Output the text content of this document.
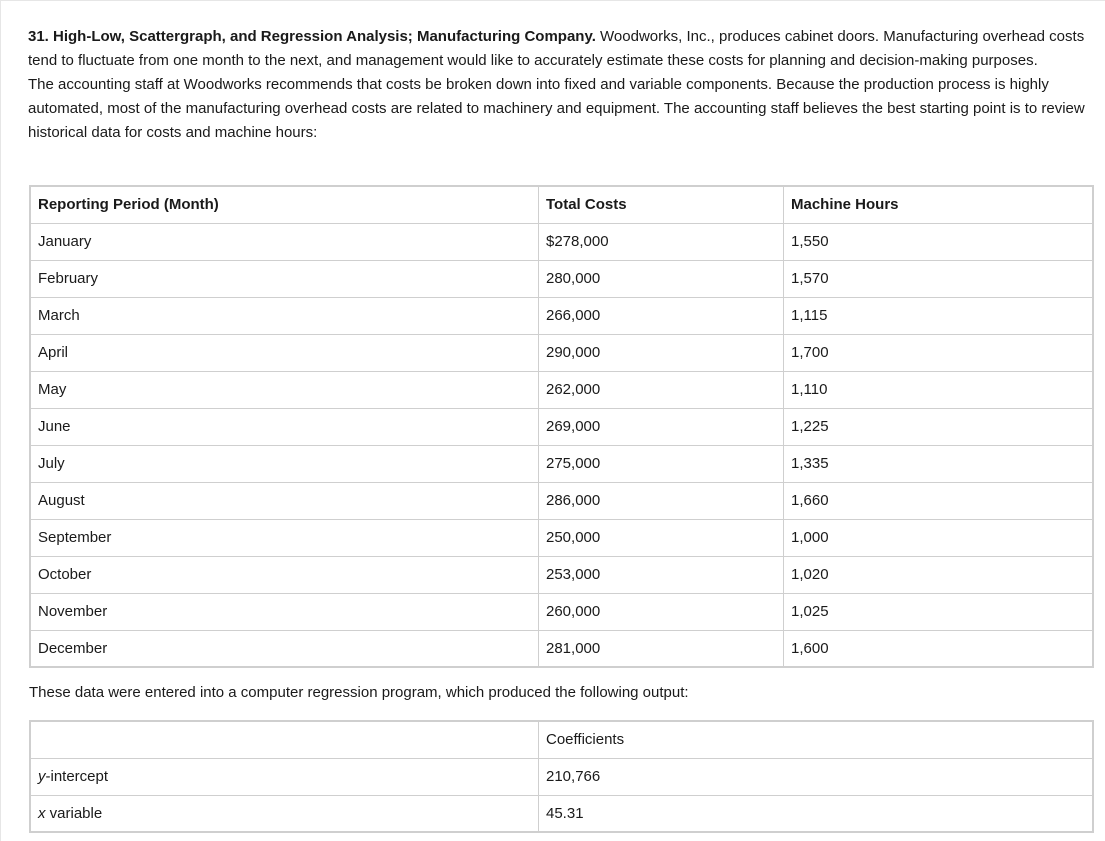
31. High-Low, Scattergraph, and Regression Analysis; Manufacturing Company. Woodworks, Inc., produces cabinet doors. Manufacturing overhead costs tend to fluctuate from one month to the next, and management would like to accurately estimate these costs for planning and decision-making purposes.

The accounting staff at Woodworks recommends that costs be broken down into fixed and variable components. Because the production process is highly automated, most of the manufacturing overhead costs are related to machinery and equipment. The accounting staff believes the best starting point is to review historical data for costs and machine hours:

Reporting Period (Month)	Total Costs	Machine Hours
January	$278,000	1,550
February	280,000	1,570
March	266,000	1,115
April	290,000	1,700
May	262,000	1,110
June	269,000	1,225
July	275,000	1,335
August	286,000	1,660
September	250,000	1,000
October	253,000	1,020
November	260,000	1,025
December	281,000	1,600

These data were entered into a computer regression program, which produced the following output:

	Coefficients
y-intercept	210,766
x variable	45.31
